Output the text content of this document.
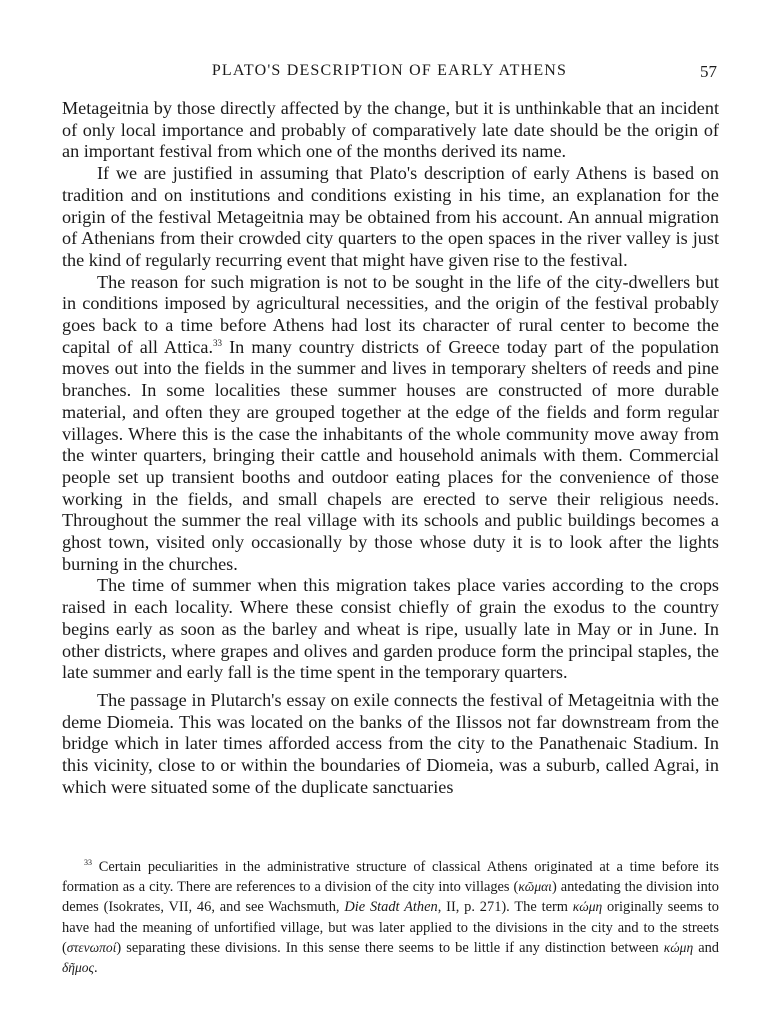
PLATO'S DESCRIPTION OF EARLY ATHENS	57

Metageitnia by those directly affected by the change, but it is unthinkable that an incident of only local importance and probably of comparatively late date should be the origin of an important festival from which one of the months derived its name.

If we are justified in assuming that Plato's description of early Athens is based on tradition and on institutions and conditions existing in his time, an explanation for the origin of the festival Metageitnia may be obtained from his account. An annual migration of Athenians from their crowded city quarters to the open spaces in the river valley is just the kind of regularly recurring event that might have given rise to the festival.

The reason for such migration is not to be sought in the life of the city-dwellers but in conditions imposed by agricultural necessities, and the origin of the festival probably goes back to a time before Athens had lost its character of rural center to become the capital of all Attica.$^{33}$ In many country districts of Greece today part of the population moves out into the fields in the summer and lives in temporary shelters of reeds and pine branches. In some localities these summer houses are constructed of more durable material, and often they are grouped together at the edge of the fields and form regular villages. Where this is the case the inhabitants of the whole community move away from the winter quarters, bringing their cattle and household animals with them. Commercial people set up transient booths and outdoor eating places for the convenience of those working in the fields, and small chapels are erected to serve their religious needs. Throughout the summer the real village with its schools and public buildings becomes a ghost town, visited only occasionally by those whose duty it is to look after the lights burning in the churches.

The time of summer when this migration takes place varies according to the crops raised in each locality. Where these consist chiefly of grain the exodus to the country begins early as soon as the barley and wheat is ripe, usually late in May or in June. In other districts, where grapes and olives and garden produce form the principal staples, the late summer and early fall is the time spent in the temporary quarters.

The passage in Plutarch's essay on exile connects the festival of Metageitnia with the deme Diomeia. This was located on the banks of the Ilissos not far downstream from the bridge which in later times afforded access from the city to the Panathenaic Stadium. In this vicinity, close to or within the boundaries of Diomeia, was a suburb, called Agrai, in which were situated some of the duplicate sanctuaries

$^{33}$ Certain peculiarities in the administrative structure of classical Athens originated at a time before its formation as a city. There are references to a division of the city into villages (κῶμαι) antedating the division into demes (Isokrates, VII, 46, and see Wachsmuth, Die Stadt Athen, II, p. 271). The term κώμη originally seems to have had the meaning of unfortified village, but was later applied to the divisions in the city and to the streets (στενωποί) separating these divisions. In this sense there seems to be little if any distinction between κώμη and δῆμος.
